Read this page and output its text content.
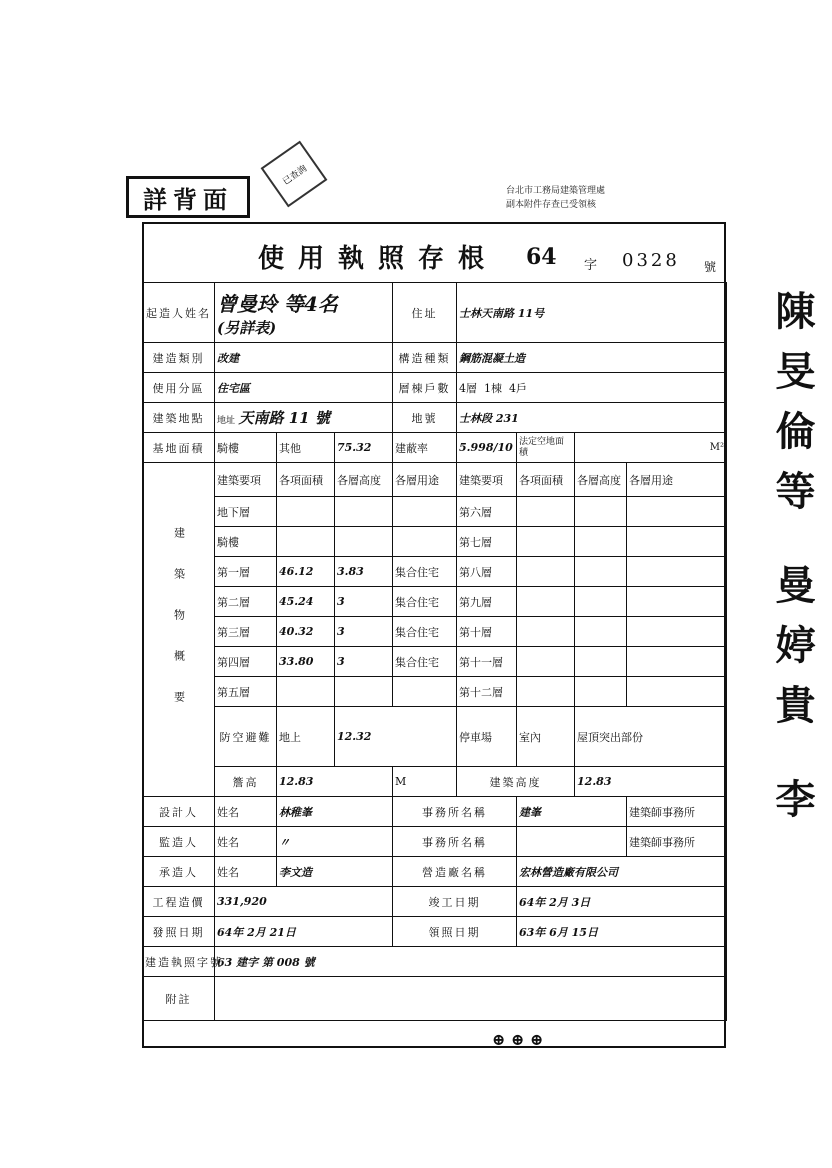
詳背面
已查詢
台北市工務局建築管理處
副本附件存查已受領核
使用執照存根 64 字 0328 號
起造人姓名	曾曼玲 等4名
(另詳表)			住址	士林天南路 11号				
建造類別	改建			構造種類	鋼筋混凝土造				
使用分區	住宅區			層棟戶數	4層 1棟 4戶				
建築地點	地址 天南路 11 號			地號	士林段 231				
基地面積	騎樓	其他	75.32	建蔽率	5.998/10	法定空地面積	M²		

建築物概要	建築要項	各項面積	各層高度	各層用途	建築要項	各項面積	各層高度	各層用途	
	地下層				第六層				
	騎樓				第七層				
	第一層	46.12	3.83	集合住宅	第八層				
	第二層	45.24	3	集合住宅	第九層				
	第三層	40.32	3	集合住宅	第十層				
	第四層	33.80	3	集合住宅	第十一層				
	第五層				第十二層				
	防空避難	地上	12.32		停車場	室內	屋頂突出部份	
	簷高	12.83		M	建築高度		12.83		
設計人	姓名	林稚峯		事務所名稱		建峯		建築師事務所	
監造人	姓名	〃		事務所名稱				建築師事務所	
承造人	姓名	李文造		營造廠名稱		宏林營造廠有限公司			
工程造價	331,920			竣工日期		64年 2月 3日			
發照日期	64年 2月 21日			領照日期		63年 6月 15日			
建造執照字號	63 建字 第 008 號								
附註									
陳旻倫等 曼婷貴 李
⊕ ⊕ ⊕
